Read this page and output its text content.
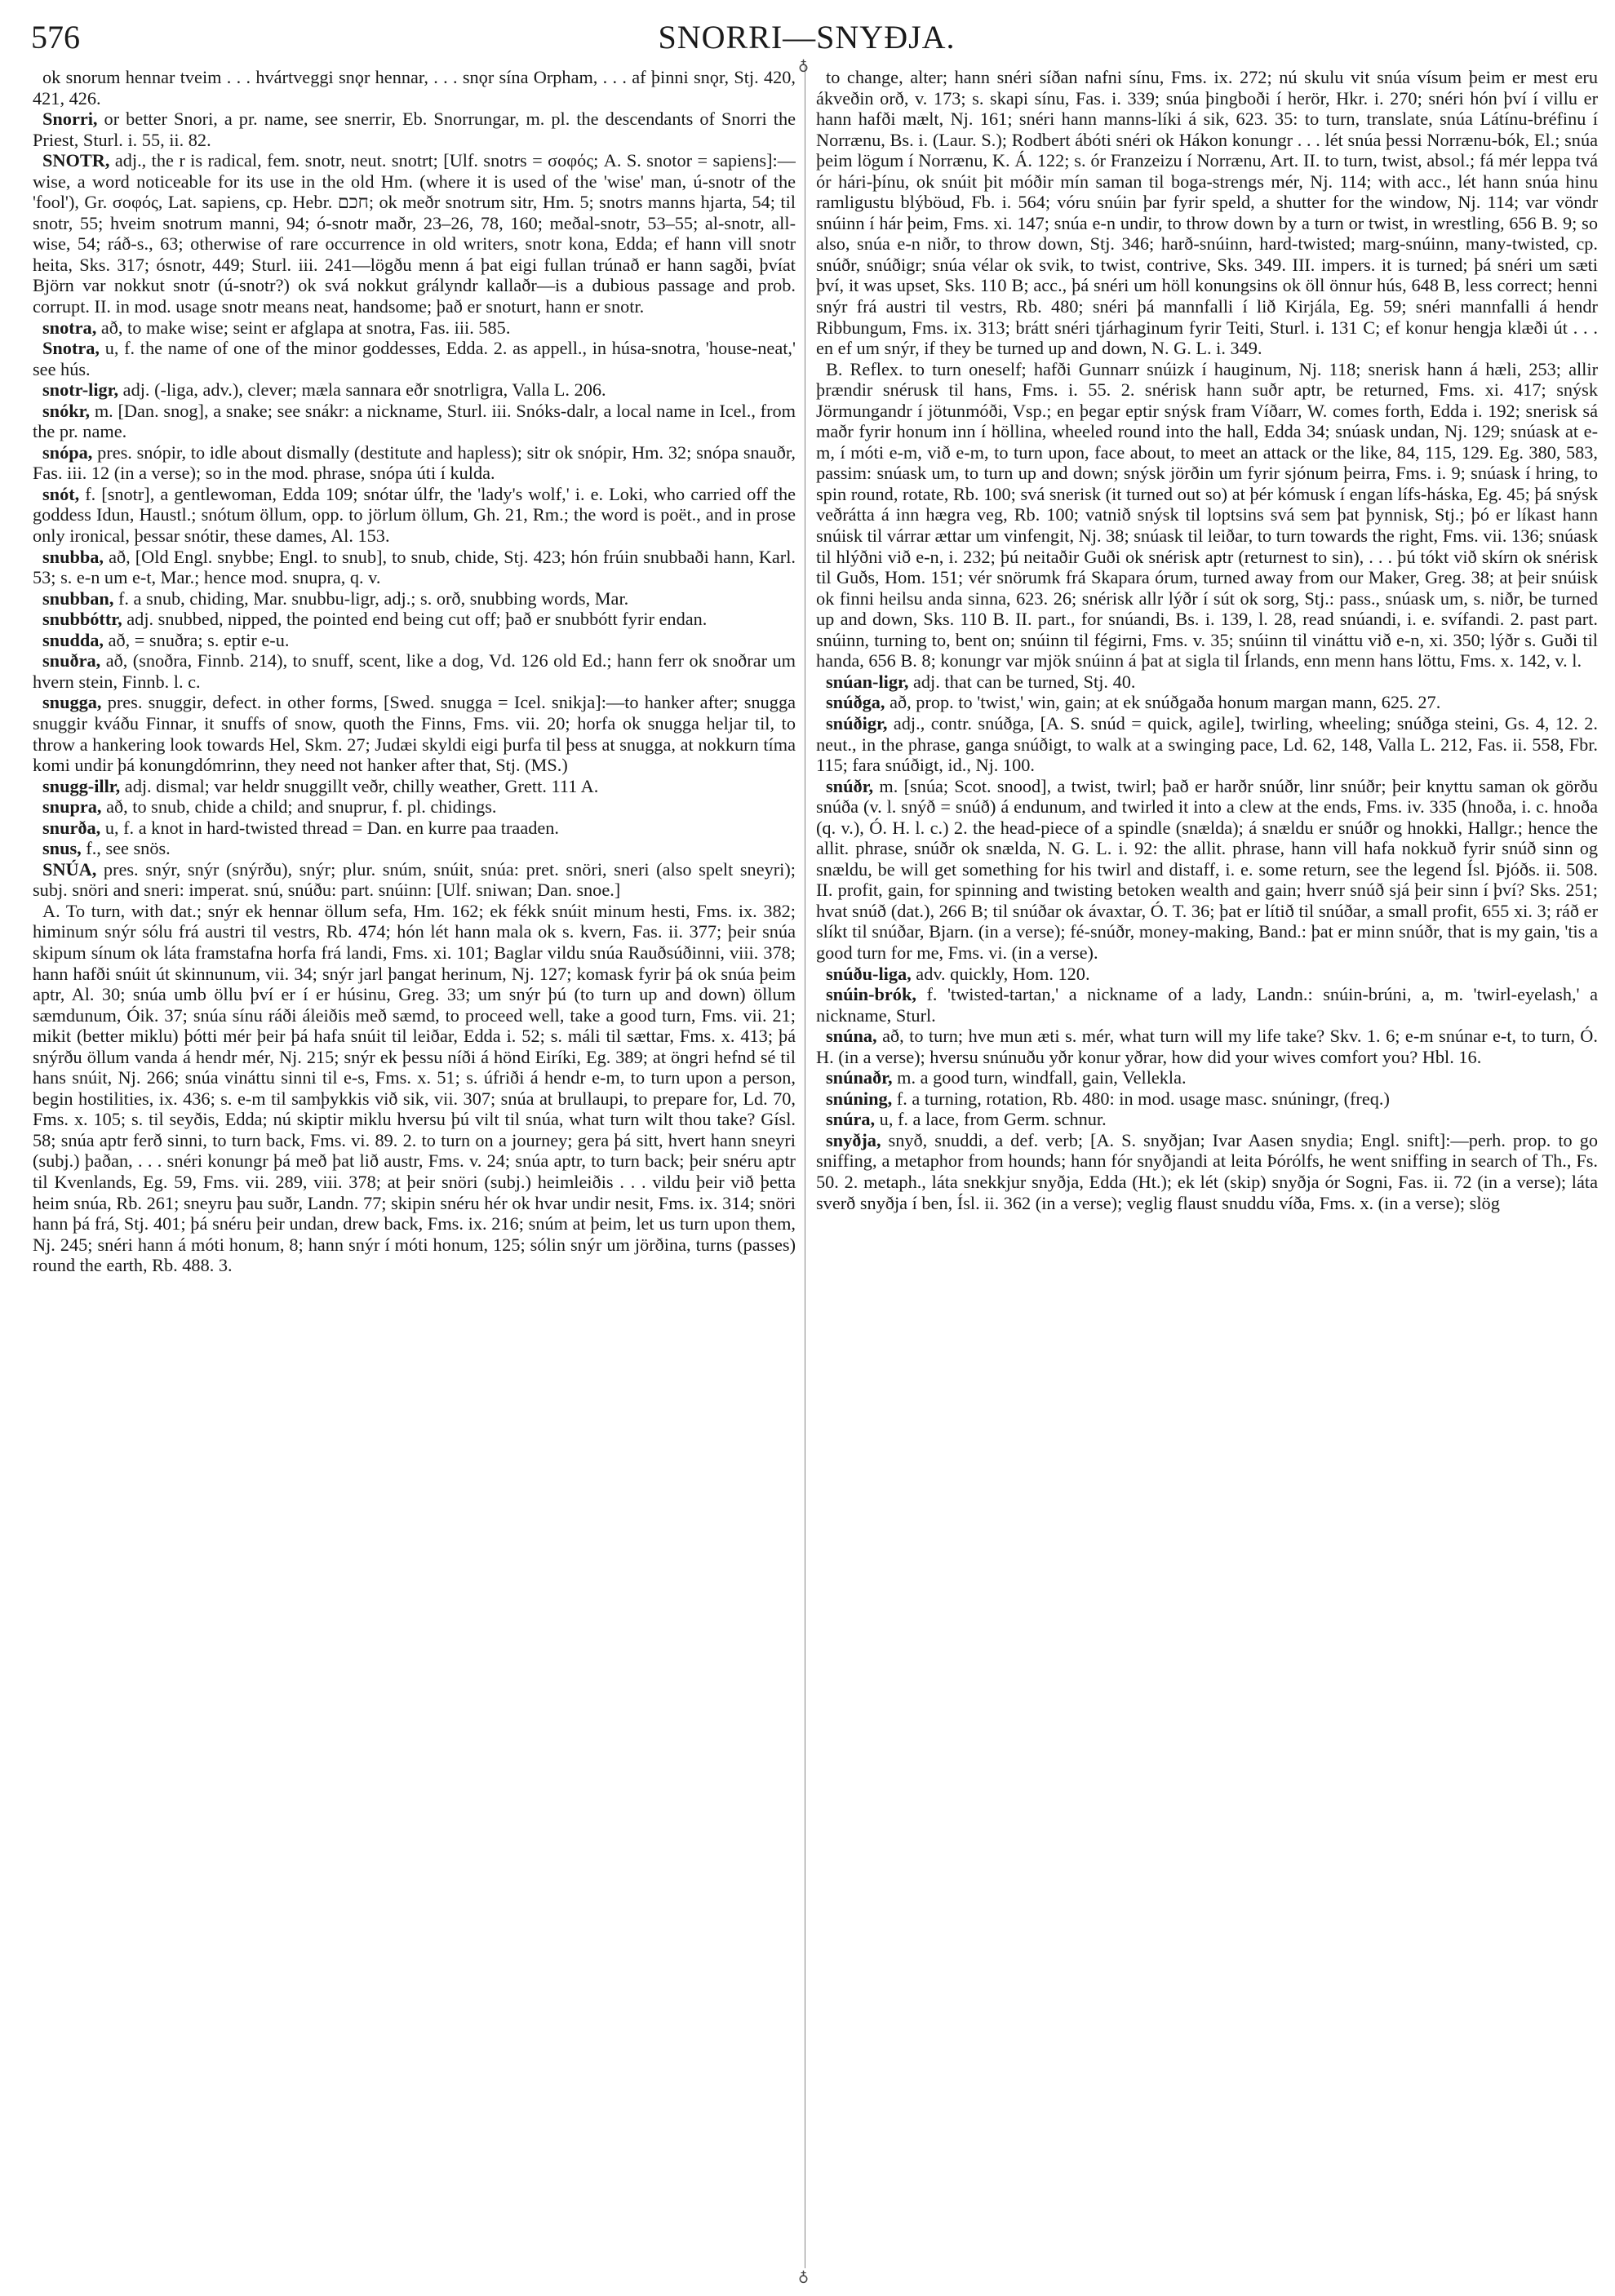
576	SNORRI—SNYÐJA.
♁
♁

ok snorum hennar tveim . . . hvártveggi snǫr hennar, . . . snǫr sína Orpham, . . . af þinni snǫr, Stj. 420, 421, 426.

Snorri, or better Snori, a pr. name, see snerrir, Eb. Snorrungar, m. pl. the descendants of Snorri the Priest, Sturl. i. 55, ii. 82.

SNOTR, adj., the r is radical, fem. snotr, neut. snotrt; [Ulf. snotrs = σοφός; A. S. snotor = sapiens]:—wise, a word noticeable for its use in the old Hm. (where it is used of the 'wise' man, ú-snotr of the 'fool'), Gr. σοφός, Lat. sapiens, cp. Hebr. חכם; ok meðr snotrum sitr, Hm. 5; snotrs manns hjarta, 54; til snotr, 55; hveim snotrum manni, 94; ó-snotr maðr, 23–26, 78, 160; meðal-snotr, 53–55; al-snotr, all-wise, 54; ráð-s., 63; otherwise of rare occurrence in old writers, snotr kona, Edda; ef hann vill snotr heita, Sks. 317; ósnotr, 449; Sturl. iii. 241—lögðu menn á þat eigi fullan trúnað er hann sagði, þvíat Björn var nokkut snotr (ú-snotr?) ok svá nokkut grályndr kallaðr—is a dubious passage and prob. corrupt. II. in mod. usage snotr means neat, handsome; það er snoturt, hann er snotr.

snotra, að, to make wise; seint er afglapa at snotra, Fas. iii. 585.

Snotra, u, f. the name of one of the minor goddesses, Edda. 2. as appell., in húsa-snotra, 'house-neat,' see hús.

snotr-ligr, adj. (-liga, adv.), clever; mæla sannara eðr snotrligra, Valla L. 206.

snókr, m. [Dan. snog], a snake; see snákr: a nickname, Sturl. iii. Snóks-dalr, a local name in Icel., from the pr. name.

snópa, pres. snópir, to idle about dismally (destitute and hapless); sitr ok snópir, Hm. 32; snópa snauðr, Fas. iii. 12 (in a verse); so in the mod. phrase, snópa úti í kulda.

snót, f. [snotr], a gentlewoman, Edda 109; snótar úlfr, the 'lady's wolf,' i. e. Loki, who carried off the goddess Idun, Haustl.; snótum öllum, opp. to jörlum öllum, Gh. 21, Rm.; the word is poët., and in prose only ironical, þessar snótir, these dames, Al. 153.

snubba, að, [Old Engl. snybbe; Engl. to snub], to snub, chide, Stj. 423; hón frúin snubbaði hann, Karl. 53; s. e-n um e-t, Mar.; hence mod. snupra, q. v.

snubban, f. a snub, chiding, Mar. snubbu-ligr, adj.; s. orð, snubbing words, Mar.

snubbóttr, adj. snubbed, nipped, the pointed end being cut off; það er snubbótt fyrir endan.

snudda, að, = snuðra; s. eptir e-u.

snuðra, að, (snoðra, Finnb. 214), to snuff, scent, like a dog, Vd. 126 old Ed.; hann ferr ok snoðrar um hvern stein, Finnb. l. c.

snugga, pres. snuggir, defect. in other forms, [Swed. snugga = Icel. snikja]:—to hanker after; snugga snuggir kváðu Finnar, it snuffs of snow, quoth the Finns, Fms. vii. 20; horfa ok snugga heljar til, to throw a hankering look towards Hel, Skm. 27; Judæi skyldi eigi þurfa til þess at snugga, at nokkurn tíma komi undir þá konungdómrinn, they need not hanker after that, Stj. (MS.)

snugg-illr, adj. dismal; var heldr snuggillt veðr, chilly weather, Grett. 111 A.

snupra, að, to snub, chide a child; and snuprur, f. pl. chidings.

snurða, u, f. a knot in hard-twisted thread = Dan. en kurre paa traaden.

snus, f., see snös.

SNÚA, pres. snýr, snýr (snýrðu), snýr; plur. snúm, snúit, snúa: pret. snöri, sneri (also spelt sneyri); subj. snöri and sneri: imperat. snú, snúðu: part. snúinn: [Ulf. sniwan; Dan. snoe.]

A. To turn, with dat.; snýr ek hennar öllum sefa, Hm. 162; ek fékk snúit minum hesti, Fms. ix. 382; himinum snýr sólu frá austri til vestrs, Rb. 474; hón lét hann mala ok s. kvern, Fas. ii. 377; þeir snúa skipum sínum ok láta framstafna horfa frá landi, Fms. xi. 101; Baglar vildu snúa Rauðsúðinni, viii. 378; hann hafði snúit út skinnunum, vii. 34; snýr jarl þangat herinum, Nj. 127; komask fyrir þá ok snúa þeim aptr, Al. 30; snúa umb öllu því er í er húsinu, Greg. 33; um snýr þú (to turn up and down) öllum sæmdunum, Óik. 37; snúa sínu ráði áleiðis með sæmd, to proceed well, take a good turn, Fms. vii. 21; mikit (better miklu) þótti mér þeir þá hafa snúit til leiðar, Edda i. 52; s. máli til sættar, Fms. x. 413; þá snýrðu öllum vanda á hendr mér, Nj. 215; snýr ek þessu níði á hönd Eiríki, Eg. 389; at öngri hefnd sé til hans snúit, Nj. 266; snúa vináttu sinni til e-s, Fms. x. 51; s. úfriði á hendr e-m, to turn upon a person, begin hostilities, ix. 436; s. e-m til samþykkis við sik, vii. 307; snúa at brullaupi, to prepare for, Ld. 70, Fms. x. 105; s. til seyðis, Edda; nú skiptir miklu hversu þú vilt til snúa, what turn wilt thou take? Gísl. 58; snúa aptr ferð sinni, to turn back, Fms. vi. 89. 2. to turn on a journey; gera þá sitt, hvert hann sneyri (subj.) þaðan, . . . snéri konungr þá með þat lið austr, Fms. v. 24; snúa aptr, to turn back; þeir snéru aptr til Kvenlands, Eg. 59, Fms. vii. 289, viii. 378; at þeir snöri (subj.) heimleiðis . . . vildu þeir við þetta heim snúa, Rb. 261; sneyru þau suðr, Landn. 77; skipin snéru hér ok hvar undir nesit, Fms. ix. 314; snöri hann þá frá, Stj. 401; þá snéru þeir undan, drew back, Fms. ix. 216; snúm at þeim, let us turn upon them, Nj. 245; snéri hann á móti honum, 8; hann snýr í móti honum, 125; sólin snýr um jörðina, turns (passes) round the earth, Rb. 488. 3.

to change, alter; hann snéri síðan nafni sínu, Fms. ix. 272; nú skulu vit snúa vísum þeim er mest eru ákveðin orð, v. 173; s. skapi sínu, Fas. i. 339; snúa þingboði í herör, Hkr. i. 270; snéri hón því í villu er hann hafði mælt, Nj. 161; snéri hann manns-líki á sik, 623. 35: to turn, translate, snúa Látínu-bréfinu í Norrænu, Bs. i. (Laur. S.); Rodbert ábóti snéri ok Hákon konungr . . . lét snúa þessi Norrænu-bók, El.; snúa þeim lögum í Norrænu, K. Á. 122; s. ór Franzeizu í Norrænu, Art. II. to turn, twist, absol.; fá mér leppa tvá ór hári-þínu, ok snúit þit móðir mín saman til boga-strengs mér, Nj. 114; with acc., lét hann snúa hinu ramligustu blýböud, Fb. i. 564; vóru snúin þar fyrir speld, a shutter for the window, Nj. 114; var vöndr snúinn í hár þeim, Fms. xi. 147; snúa e-n undir, to throw down by a turn or twist, in wrestling, 656 B. 9; so also, snúa e-n niðr, to throw down, Stj. 346; harð-snúinn, hard-twisted; marg-snúinn, many-twisted, cp. snúðr, snúðigr; snúa vélar ok svik, to twist, contrive, Sks. 349. III. impers. it is turned; þá snéri um sæti því, it was upset, Sks. 110 B; acc., þá snéri um höll konungsins ok öll önnur hús, 648 B, less correct; henni snýr frá austri til vestrs, Rb. 480; snéri þá mannfalli í lið Kirjála, Eg. 59; snéri mannfalli á hendr Ribbungum, Fms. ix. 313; brátt snéri tjárhaginum fyrir Teiti, Sturl. i. 131 C; ef konur hengja klæði út . . . en ef um snýr, if they be turned up and down, N. G. L. i. 349.

B. Reflex. to turn oneself; hafði Gunnarr snúizk í hauginum, Nj. 118; snerisk hann á hæli, 253; allir þrændir snérusk til hans, Fms. i. 55. 2. snérisk hann suðr aptr, be returned, Fms. xi. 417; snýsk Jörmungandr í jötunmóði, Vsp.; en þegar eptir snýsk fram Víðarr, W. comes forth, Edda i. 192; snerisk sá maðr fyrir honum inn í höllina, wheeled round into the hall, Edda 34; snúask undan, Nj. 129; snúask at e-m, í móti e-m, við e-m, to turn upon, face about, to meet an attack or the like, 84, 115, 129. Eg. 380, 583, passim: snúask um, to turn up and down; snýsk jörðin um fyrir sjónum þeirra, Fms. i. 9; snúask í hring, to spin round, rotate, Rb. 100; svá snerisk (it turned out so) at þér kómusk í engan lífs-háska, Eg. 45; þá snýsk veðrátta á inn hægra veg, Rb. 100; vatnið snýsk til loptsins svá sem þat þynnisk, Stj.; þó er líkast hann snúisk til várrar ættar um vinfengit, Nj. 38; snúask til leiðar, to turn towards the right, Fms. vii. 136; snúask til hlýðni við e-n, i. 232; þú neitaðir Guði ok snérisk aptr (returnest to sin), . . . þú tókt við skírn ok snérisk til Guðs, Hom. 151; vér snörumk frá Skapara órum, turned away from our Maker, Greg. 38; at þeir snúisk ok finni heilsu anda sinna, 623. 26; snérisk allr lýðr í sút ok sorg, Stj.: pass., snúask um, s. niðr, be turned up and down, Sks. 110 B. II. part., for snúandi, Bs. i. 139, l. 28, read snúandi, i. e. svífandi. 2. past part. snúinn, turning to, bent on; snúinn til fégirni, Fms. v. 35; snúinn til vináttu við e-n, xi. 350; lýðr s. Guði til handa, 656 B. 8; konungr var mjök snúinn á þat at sigla til Írlands, enn menn hans löttu, Fms. x. 142, v. l.

snúan-ligr, adj. that can be turned, Stj. 40.

snúðga, að, prop. to 'twist,' win, gain; at ek snúðgaða honum margan mann, 625. 27.

snúðigr, adj., contr. snúðga, [A. S. snúd = quick, agile], twirling, wheeling; snúðga steini, Gs. 4, 12. 2. neut., in the phrase, ganga snúðigt, to walk at a swinging pace, Ld. 62, 148, Valla L. 212, Fas. ii. 558, Fbr. 115; fara snúðigt, id., Nj. 100.

snúðr, m. [snúa; Scot. snood], a twist, twirl; það er harðr snúðr, linr snúðr; þeir knyttu saman ok görðu snúða (v. l. snýð = snúð) á endunum, and twirled it into a clew at the ends, Fms. iv. 335 (hnoða, i. c. hnoða (q. v.), Ó. H. l. c.) 2. the head-piece of a spindle (snælda); á snældu er snúðr og hnokki, Hallgr.; hence the allit. phrase, snúðr ok snælda, N. G. L. i. 92: the allit. phrase, hann vill hafa nokkuð fyrir snúð sinn og snældu, be will get something for his twirl and distaff, i. e. some return, see the legend Ísl. Þjóðs. ii. 508. II. profit, gain, for spinning and twisting betoken wealth and gain; hverr snúð sjá þeir sinn í því? Sks. 251; hvat snúð (dat.), 266 B; til snúðar ok ávaxtar, Ó. T. 36; þat er lítið til snúðar, a small profit, 655 xi. 3; ráð er slíkt til snúðar, Bjarn. (in a verse); fé-snúðr, money-making, Band.: þat er minn snúðr, that is my gain, 'tis a good turn for me, Fms. vi. (in a verse).

snúðu-liga, adv. quickly, Hom. 120.

snúin-brók, f. 'twisted-tartan,' a nickname of a lady, Landn.: snúin-brúni, a, m. 'twirl-eyelash,' a nickname, Sturl.

snúna, að, to turn; hve mun æti s. mér, what turn will my life take? Skv. 1. 6; e-m snúnar e-t, to turn, Ó. H. (in a verse); hversu snúnuðu yðr konur yðrar, how did your wives comfort you? Hbl. 16.

snúnaðr, m. a good turn, windfall, gain, Vellekla.

snúning, f. a turning, rotation, Rb. 480: in mod. usage masc. snúningr, (freq.)

snúra, u, f. a lace, from Germ. schnur.

snyðja, snyð, snuddi, a def. verb; [A. S. snyðjan; Ivar Aasen snydia; Engl. snift]:—perh. prop. to go sniffing, a metaphor from hounds; hann fór snyðjandi at leita Þórólfs, he went sniffing in search of Th., Fs. 50. 2. metaph., láta snekkjur snyðja, Edda (Ht.); ek lét (skip) snyðja ór Sogni, Fas. ii. 72 (in a verse); láta sverð snyðja í ben, Ísl. ii. 362 (in a verse); veglig flaust snuddu víða, Fms. x. (in a verse); slög
